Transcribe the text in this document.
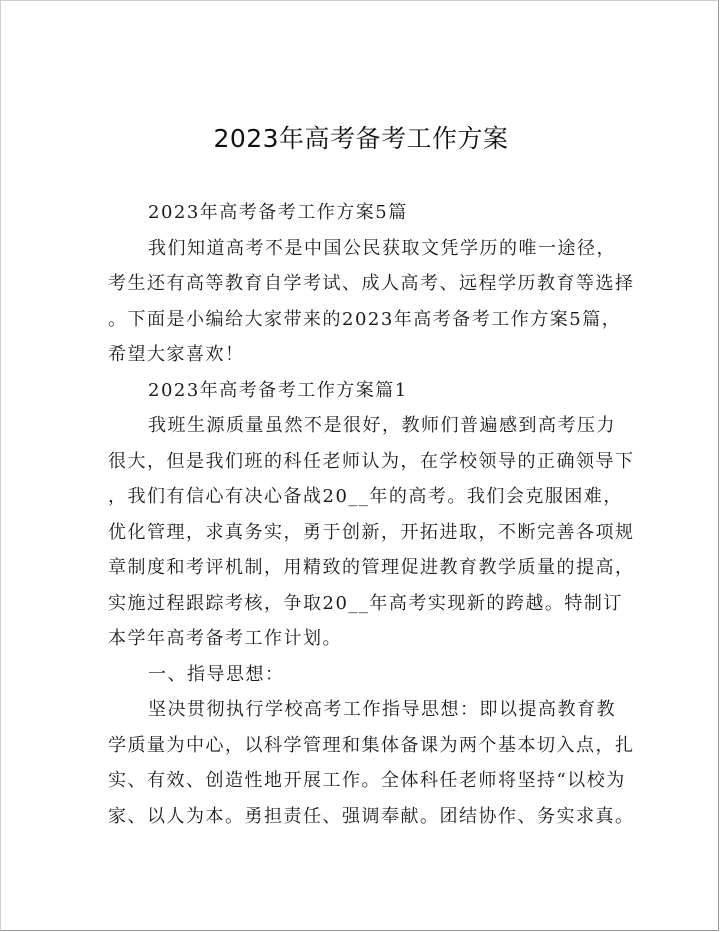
2023年高考备考工作方案
2023年高考备考工作方案5篇
我们知道高考不是中国公民获取文凭学历的唯一途径，
考生还有高等教育自学考试、成人高考、远程学历教育等选择
。下面是小编给大家带来的2023年高考备考工作方案5篇，
希望大家喜欢！
2023年高考备考工作方案篇1
我班生源质量虽然不是很好，教师们普遍感到高考压力
很大，但是我们班的科任老师认为，在学校领导的正确领导下
，我们有信心有决心备战20__年的高考。我们会克服困难，
优化管理，求真务实，勇于创新，开拓进取，不断完善各项规
章制度和考评机制，用精致的管理促进教育教学质量的提高，
实施过程跟踪考核，争取20__年高考实现新的跨越。特制订
本学年高考备考工作计划。
一、指导思想：
坚决贯彻执行学校高考工作指导思想：即以提高教育教
学质量为中心，以科学管理和集体备课为两个基本切入点，扎
实、有效、创造性地开展工作。全体科任老师将坚持“以校为
家、以人为本。勇担责任、强调奉献。团结协作、务实求真。
